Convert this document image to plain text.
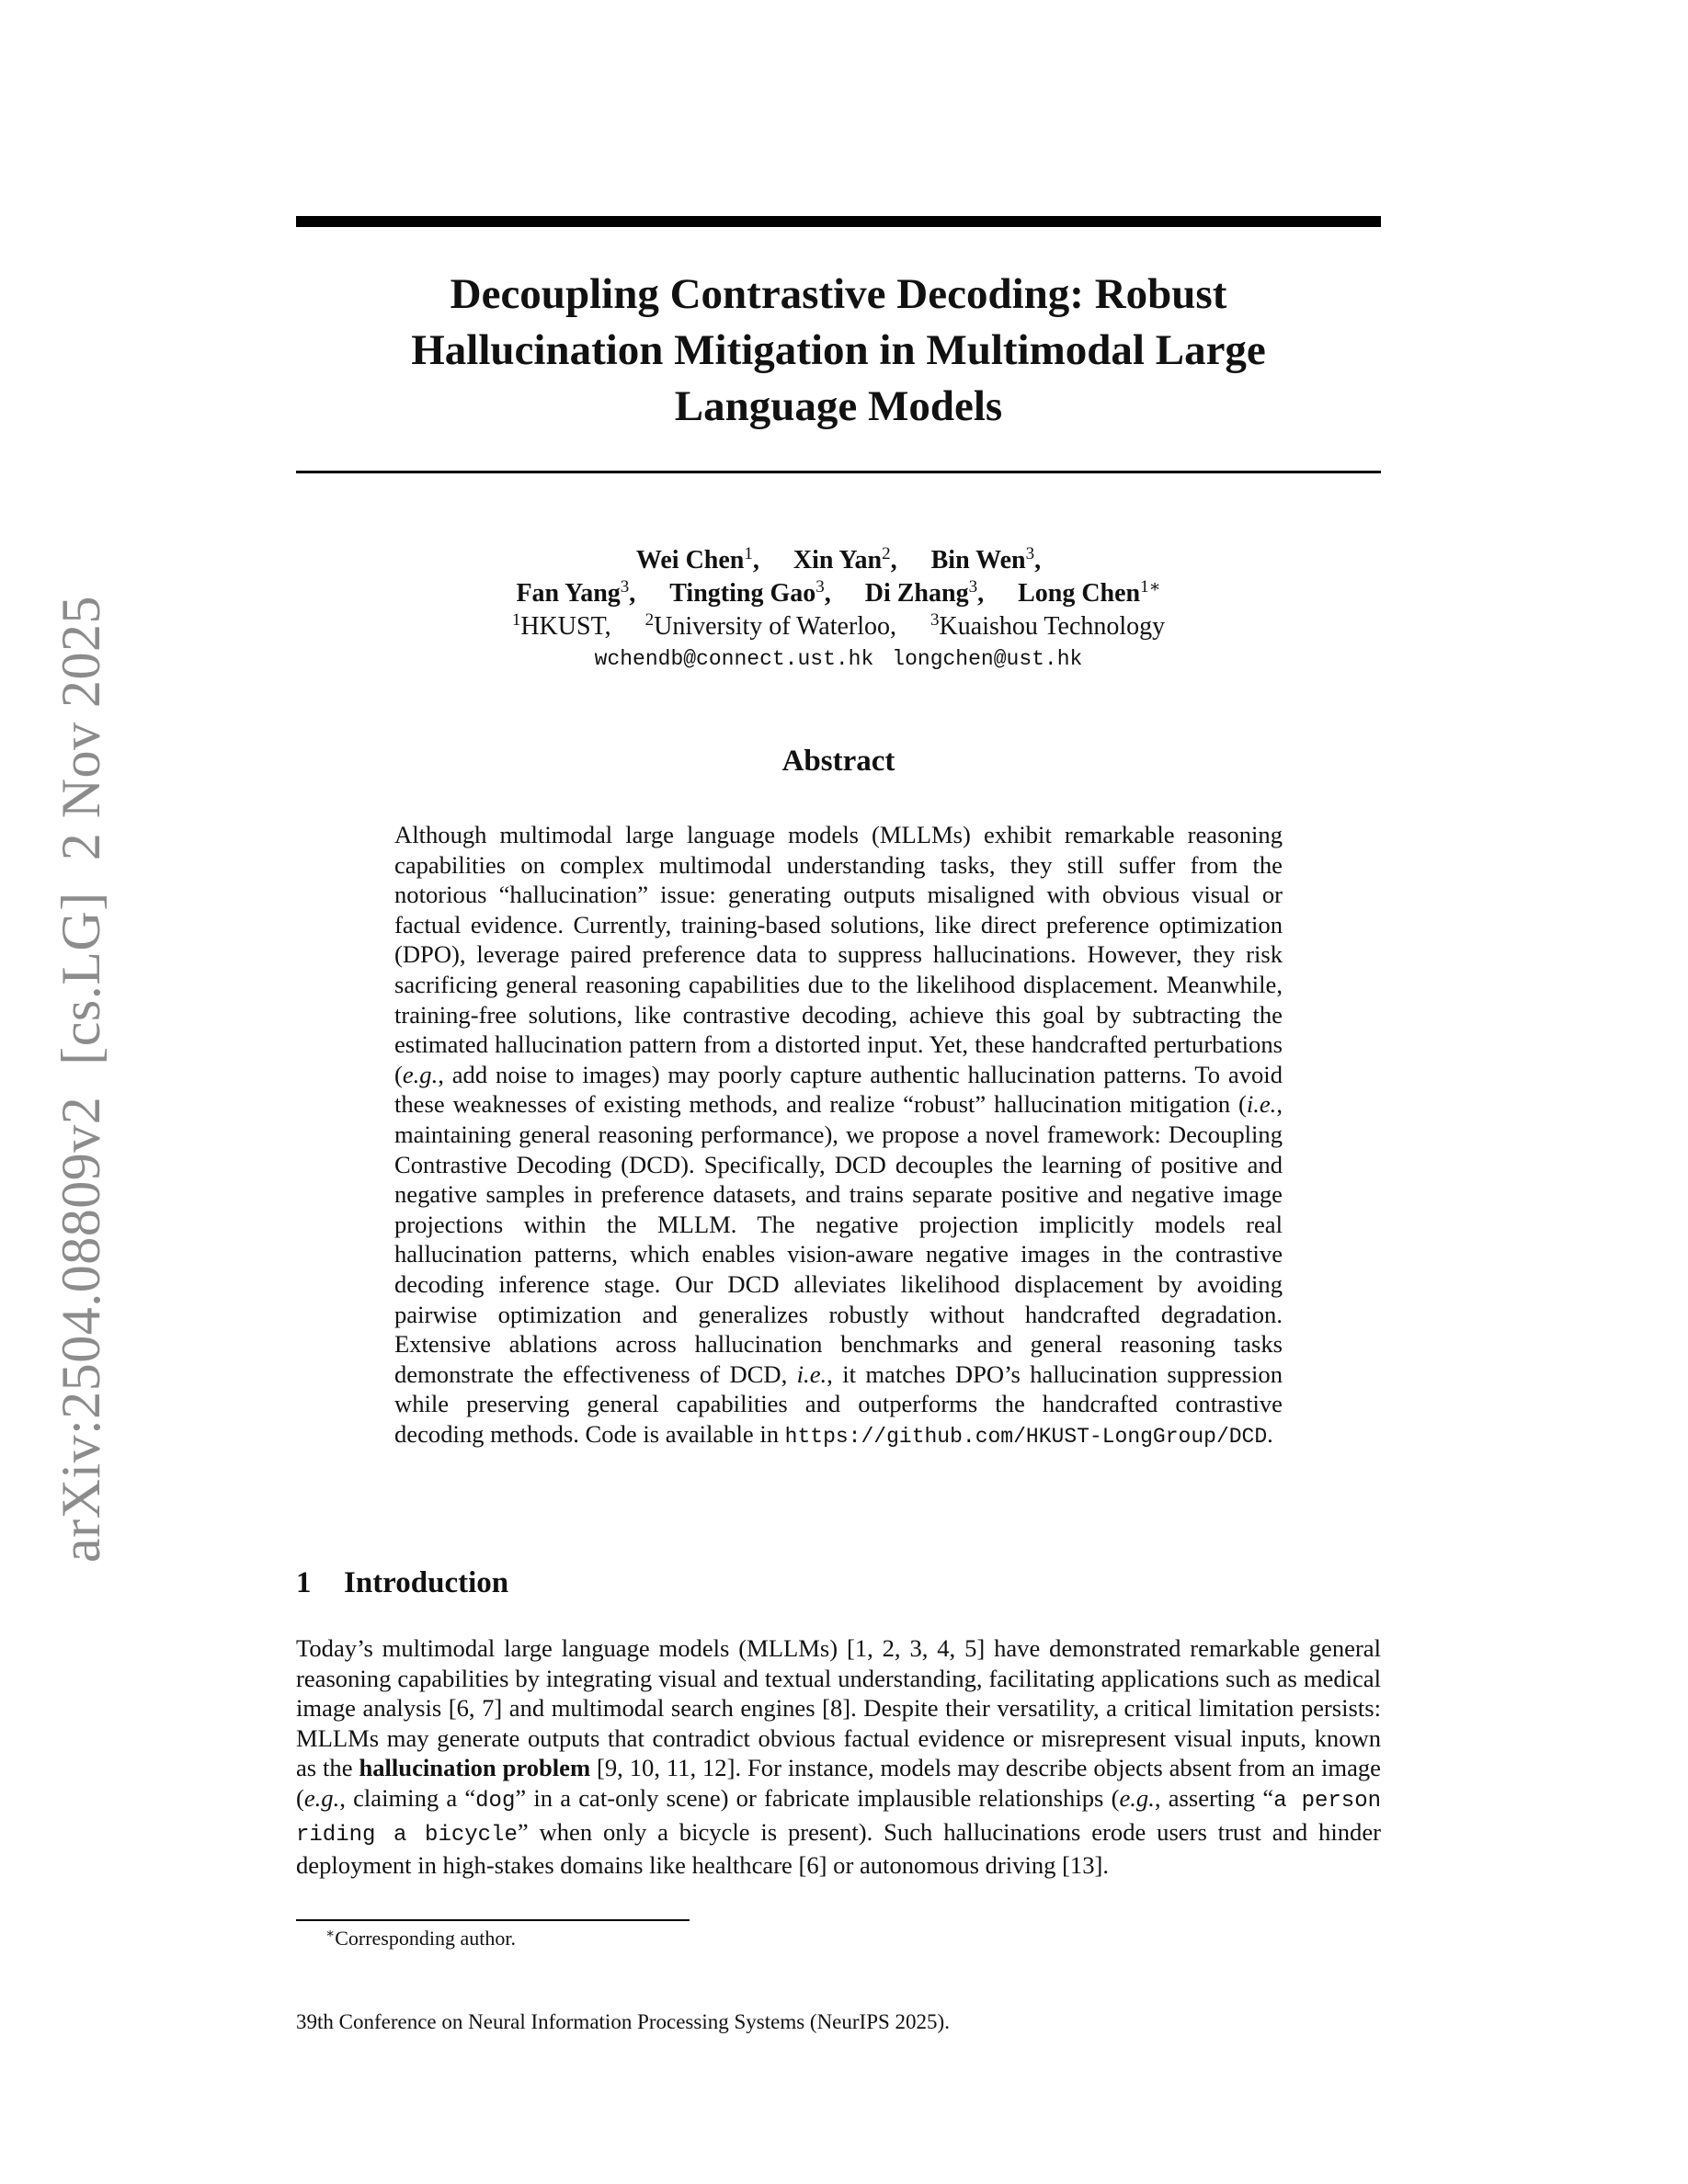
arXiv:2504.08809v2[cs.LG]2 Nov 2025
Decoupling Contrastive Decoding: Robust
Hallucination Mitigation in Multimodal Large
Language Models
Wei Chen$^1$, Xin Yan$^2$, Bin Wen$^3$,
Fan Yang$^3$, Tingting Gao$^3$, Di Zhang$^3$, Long Chen$^{1∗}$
$^1$HKUST, $^2$University of Waterloo, $^3$Kuaishou Technology
wchendb@connect.ust.hk longchen@ust.hk
Abstract

Although multimodal large language models (MLLMs) exhibit remarkable reasoning capabilities on complex multimodal understanding tasks, they still suffer from the notorious “hallucination” issue: generating outputs misaligned with obvious visual or factual evidence. Currently, training-based solutions, like direct preference optimization (DPO), leverage paired preference data to suppress hallucinations. However, they risk sacrificing general reasoning capabilities due to the likelihood displacement. Meanwhile, training-free solutions, like contrastive decoding, achieve this goal by subtracting the estimated hallucination pattern from a distorted input. Yet, these handcrafted perturbations (e.g., add noise to images) may poorly capture authentic hallucination patterns. To avoid these weaknesses of existing methods, and realize “robust” hallucination mitigation (i.e., maintaining general reasoning performance), we propose a novel framework: Decoupling Contrastive Decoding (DCD). Specifically, DCD decouples the learning of positive and negative samples in preference datasets, and trains separate positive and negative image projections within the MLLM. The negative projection implicitly models real hallucination patterns, which enables vision-aware negative images in the contrastive decoding inference stage. Our DCD alleviates likelihood displacement by avoiding pairwise optimization and generalizes robustly without handcrafted degradation. Extensive ablations across hallucination benchmarks and general reasoning tasks demonstrate the effectiveness of DCD, i.e., it matches DPO’s hallucination suppression while preserving general capabilities and outperforms the handcrafted contrastive decoding methods. Code is available in https://github.com/HKUST-LongGroup/DCD.

1 Introduction

Today’s multimodal large language models (MLLMs) [1, 2, 3, 4, 5] have demonstrated remarkable general reasoning capabilities by integrating visual and textual understanding, facilitating applications such as medical image analysis [6, 7] and multimodal search engines [8]. Despite their versatility, a critical limitation persists: MLLMs may generate outputs that contradict obvious factual evidence or misrepresent visual inputs, known as the hallucination problem [9, 10, 11, 12]. For instance, models may describe objects absent from an image (e.g., claiming a “dog” in a cat-only scene) or fabricate implausible relationships (e.g., asserting “a person riding a bicycle” when only a bicycle is present). Such hallucinations erode users trust and hinder deployment in high-stakes domains like healthcare [6] or autonomous driving [13].

∗Corresponding author.

39th Conference on Neural Information Processing Systems (NeurIPS 2025).
